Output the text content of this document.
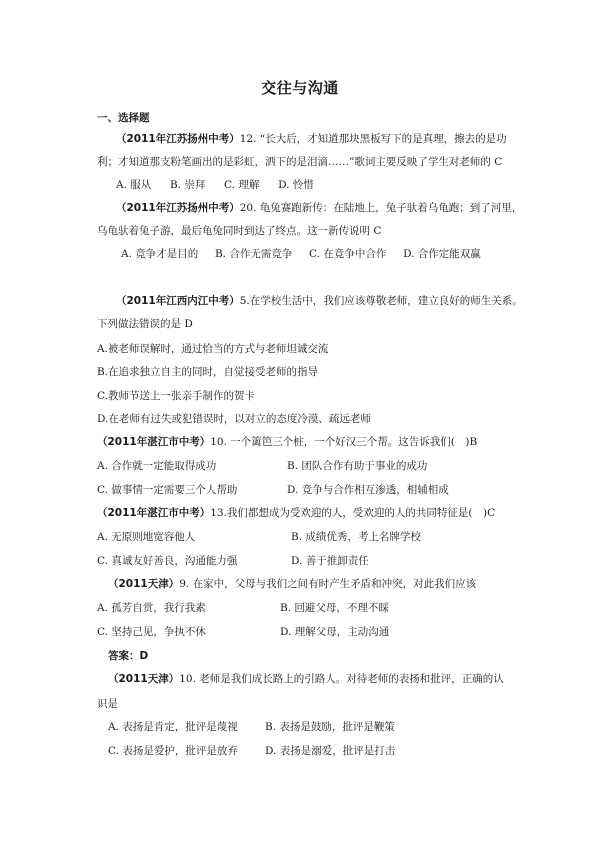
交往与沟通
一、选择题
（2011年江苏扬州中考）12. “长大后，才知道那块黑板写下的是真理，擦去的是功
利；才知道那支粉笔画出的是彩虹，洒下的是泪滴……”歌词主要反映了学生对老师的 C
A. 服从 B. 崇拜 C. 理解 D. 怜惜
（2011年江苏扬州中考）20. 龟兔赛跑新传：在陆地上，兔子驮着乌龟跑；到了河里，
乌龟驮着兔子游，最后龟兔同时到达了终点。这一新传说明 C
A. 竞争才是目的 B. 合作无需竞争 C. 在竞争中合作 D. 合作定能双赢
（2011年江西内江中考）5.在学校生活中，我们应该尊敬老师，建立良好的师生关系。
下列做法错误的是 D
A.被老师误解时，通过恰当的方式与老师坦诚交流
B.在追求独立自主的同时，自觉接受老师的指导
C.教师节送上一张亲手制作的贺卡
D.在老师有过失或犯错误时，以对立的态度冷漠、疏远老师
（2011年湛江市中考）10. 一个篱笆三个桩，一个好汉三个帮。这告诉我们(　)B
A. 合作就一定能取得成功	B. 团队合作有助于事业的成功
C. 做事情一定需要三个人帮助	D. 竞争与合作相互渗透，相辅相成
（2011年湛江市中考）13.我们都想成为受欢迎的人，受欢迎的人的共同特征是(　)C
A. 无原则地宽容他人	B. 成绩优秀，考上名牌学校
C. 真诚友好善良，沟通能力强	D. 善于推卸责任
（2011天津）9. 在家中，父母与我们之间有时产生矛盾和冲突，对此我们应该
A. 孤芳自赏，我行我素	B. 回避父母，不理不睬
C. 坚持己见，争执不休	D. 理解父母，主动沟通
答案：D
（2011天津）10. 老师是我们成长路上的引路人。对待老师的表扬和批评，正确的认
识是
A. 表扬是肯定，批评是蔑视	B. 表扬是鼓励，批评是鞭策
C. 表扬是爱护，批评是放弃	D. 表扬是溺爱，批评是打击
